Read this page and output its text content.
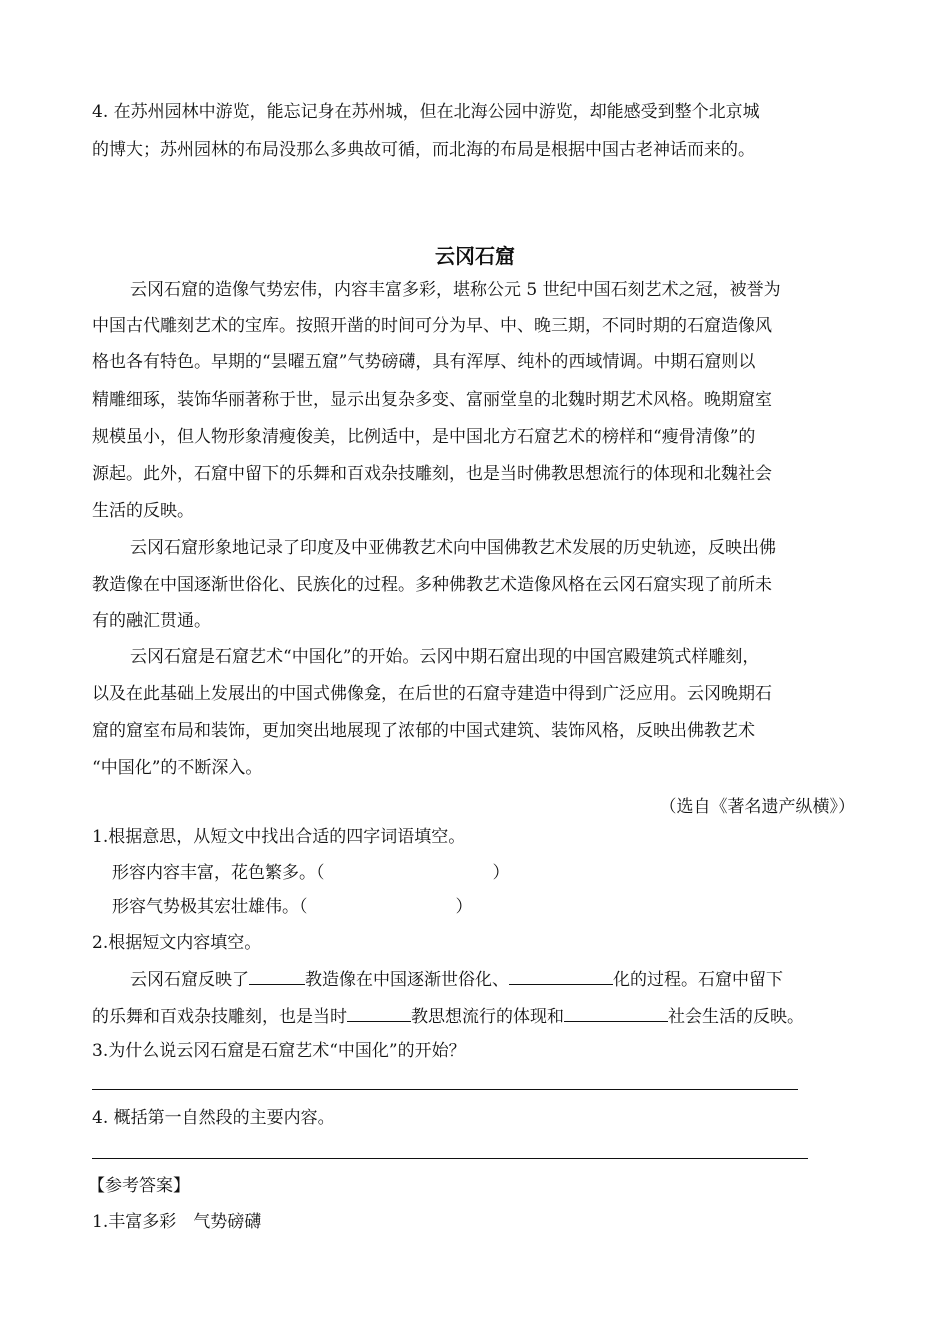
4. 在苏州园林中游览，能忘记身在苏州城，但在北海公园中游览，却能感受到整个北京城
的博大；苏州园林的布局没那么多典故可循，而北海的布局是根据中国古老神话而来的。
云冈石窟
云冈石窟的造像气势宏伟，内容丰富多彩，堪称公元 5 世纪中国石刻艺术之冠，被誉为
中国古代雕刻艺术的宝库。按照开凿的时间可分为早、中、晚三期，不同时期的石窟造像风
格也各有特色。早期的“昙曜五窟”气势磅礴，具有浑厚、纯朴的西域情调。中期石窟则以
精雕细琢，装饰华丽著称于世，显示出复杂多变、富丽堂皇的北魏时期艺术风格。晚期窟室
规模虽小，但人物形象清瘦俊美，比例适中，是中国北方石窟艺术的榜样和“瘦骨清像”的
源起。此外，石窟中留下的乐舞和百戏杂技雕刻，也是当时佛教思想流行的体现和北魏社会
生活的反映。
云冈石窟形象地记录了印度及中亚佛教艺术向中国佛教艺术发展的历史轨迹，反映出佛
教造像在中国逐渐世俗化、民族化的过程。多种佛教艺术造像风格在云冈石窟实现了前所未
有的融汇贯通。
云冈石窟是石窟艺术“中国化”的开始。云冈中期石窟出现的中国宫殿建筑式样雕刻，
以及在此基础上发展出的中国式佛像龛，在后世的石窟寺建造中得到广泛应用。云冈晚期石
窟的窟室布局和装饰，更加突出地展现了浓郁的中国式建筑、装饰风格，反映出佛教艺术
“中国化”的不断深入。
（选自《著名遗产纵横》）
1.根据意思，从短文中找出合适的四字词语填空。
形容内容丰富，花色繁多。（	）
形容气势极其宏壮雄伟。（	）
2.根据短文内容填空。
云冈石窟反映了	教造像在中国逐渐世俗化、	化的过程。石窟中留下
的乐舞和百戏杂技雕刻，也是当时	教思想流行的体现和	社会生活的反映。
3.为什么说云冈石窟是石窟艺术“中国化”的开始？
4. 概括第一自然段的主要内容。
【参考答案】
1.丰富多彩　气势磅礴
